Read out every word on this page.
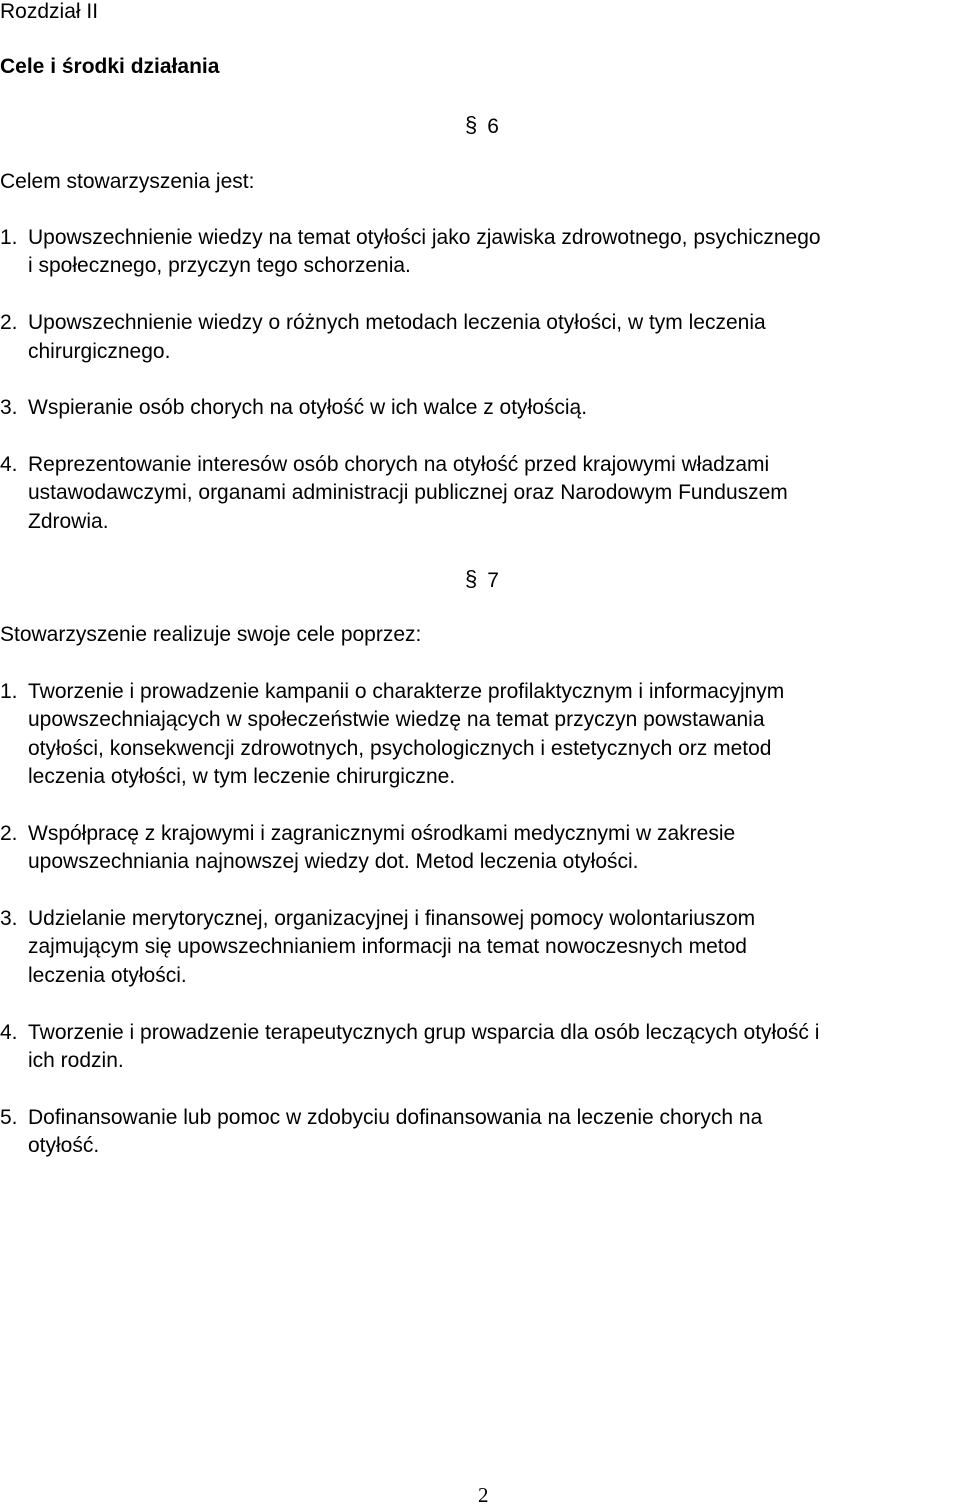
Rozdział II
Cele i środki działania
§ 6
Celem stowarzyszenia jest:
1. Upowszechnienie wiedzy na temat otyłości jako zjawiska zdrowotnego, psychicznego
i społecznego, przyczyn tego schorzenia.
2. Upowszechnienie wiedzy o różnych metodach leczenia otyłości, w tym leczenia
chirurgicznego.
3. Wspieranie osób chorych na otyłość w ich walce z otyłością.
4. Reprezentowanie interesów osób chorych na otyłość przed krajowymi władzami
ustawodawczymi, organami administracji publicznej oraz Narodowym Funduszem
Zdrowia.
§ 7
Stowarzyszenie realizuje swoje cele poprzez:
1. Tworzenie i prowadzenie kampanii o charakterze profilaktycznym i informacyjnym
upowszechniających w społeczeństwie wiedzę na temat przyczyn powstawania
otyłości, konsekwencji zdrowotnych, psychologicznych i estetycznych orz metod
leczenia otyłości, w tym leczenie chirurgiczne.
2. Współpracę z krajowymi i zagranicznymi ośrodkami medycznymi w zakresie
upowszechniania najnowszej wiedzy dot. Metod leczenia otyłości.
3. Udzielanie merytorycznej, organizacyjnej i finansowej pomocy wolontariuszom
zajmującym się upowszechnianiem informacji na temat nowoczesnych metod
leczenia otyłości.
4. Tworzenie i prowadzenie terapeutycznych grup wsparcia dla osób leczących otyłość i
ich rodzin.
5. Dofinansowanie lub pomoc w zdobyciu dofinansowania na leczenie chorych na
otyłość.
2
